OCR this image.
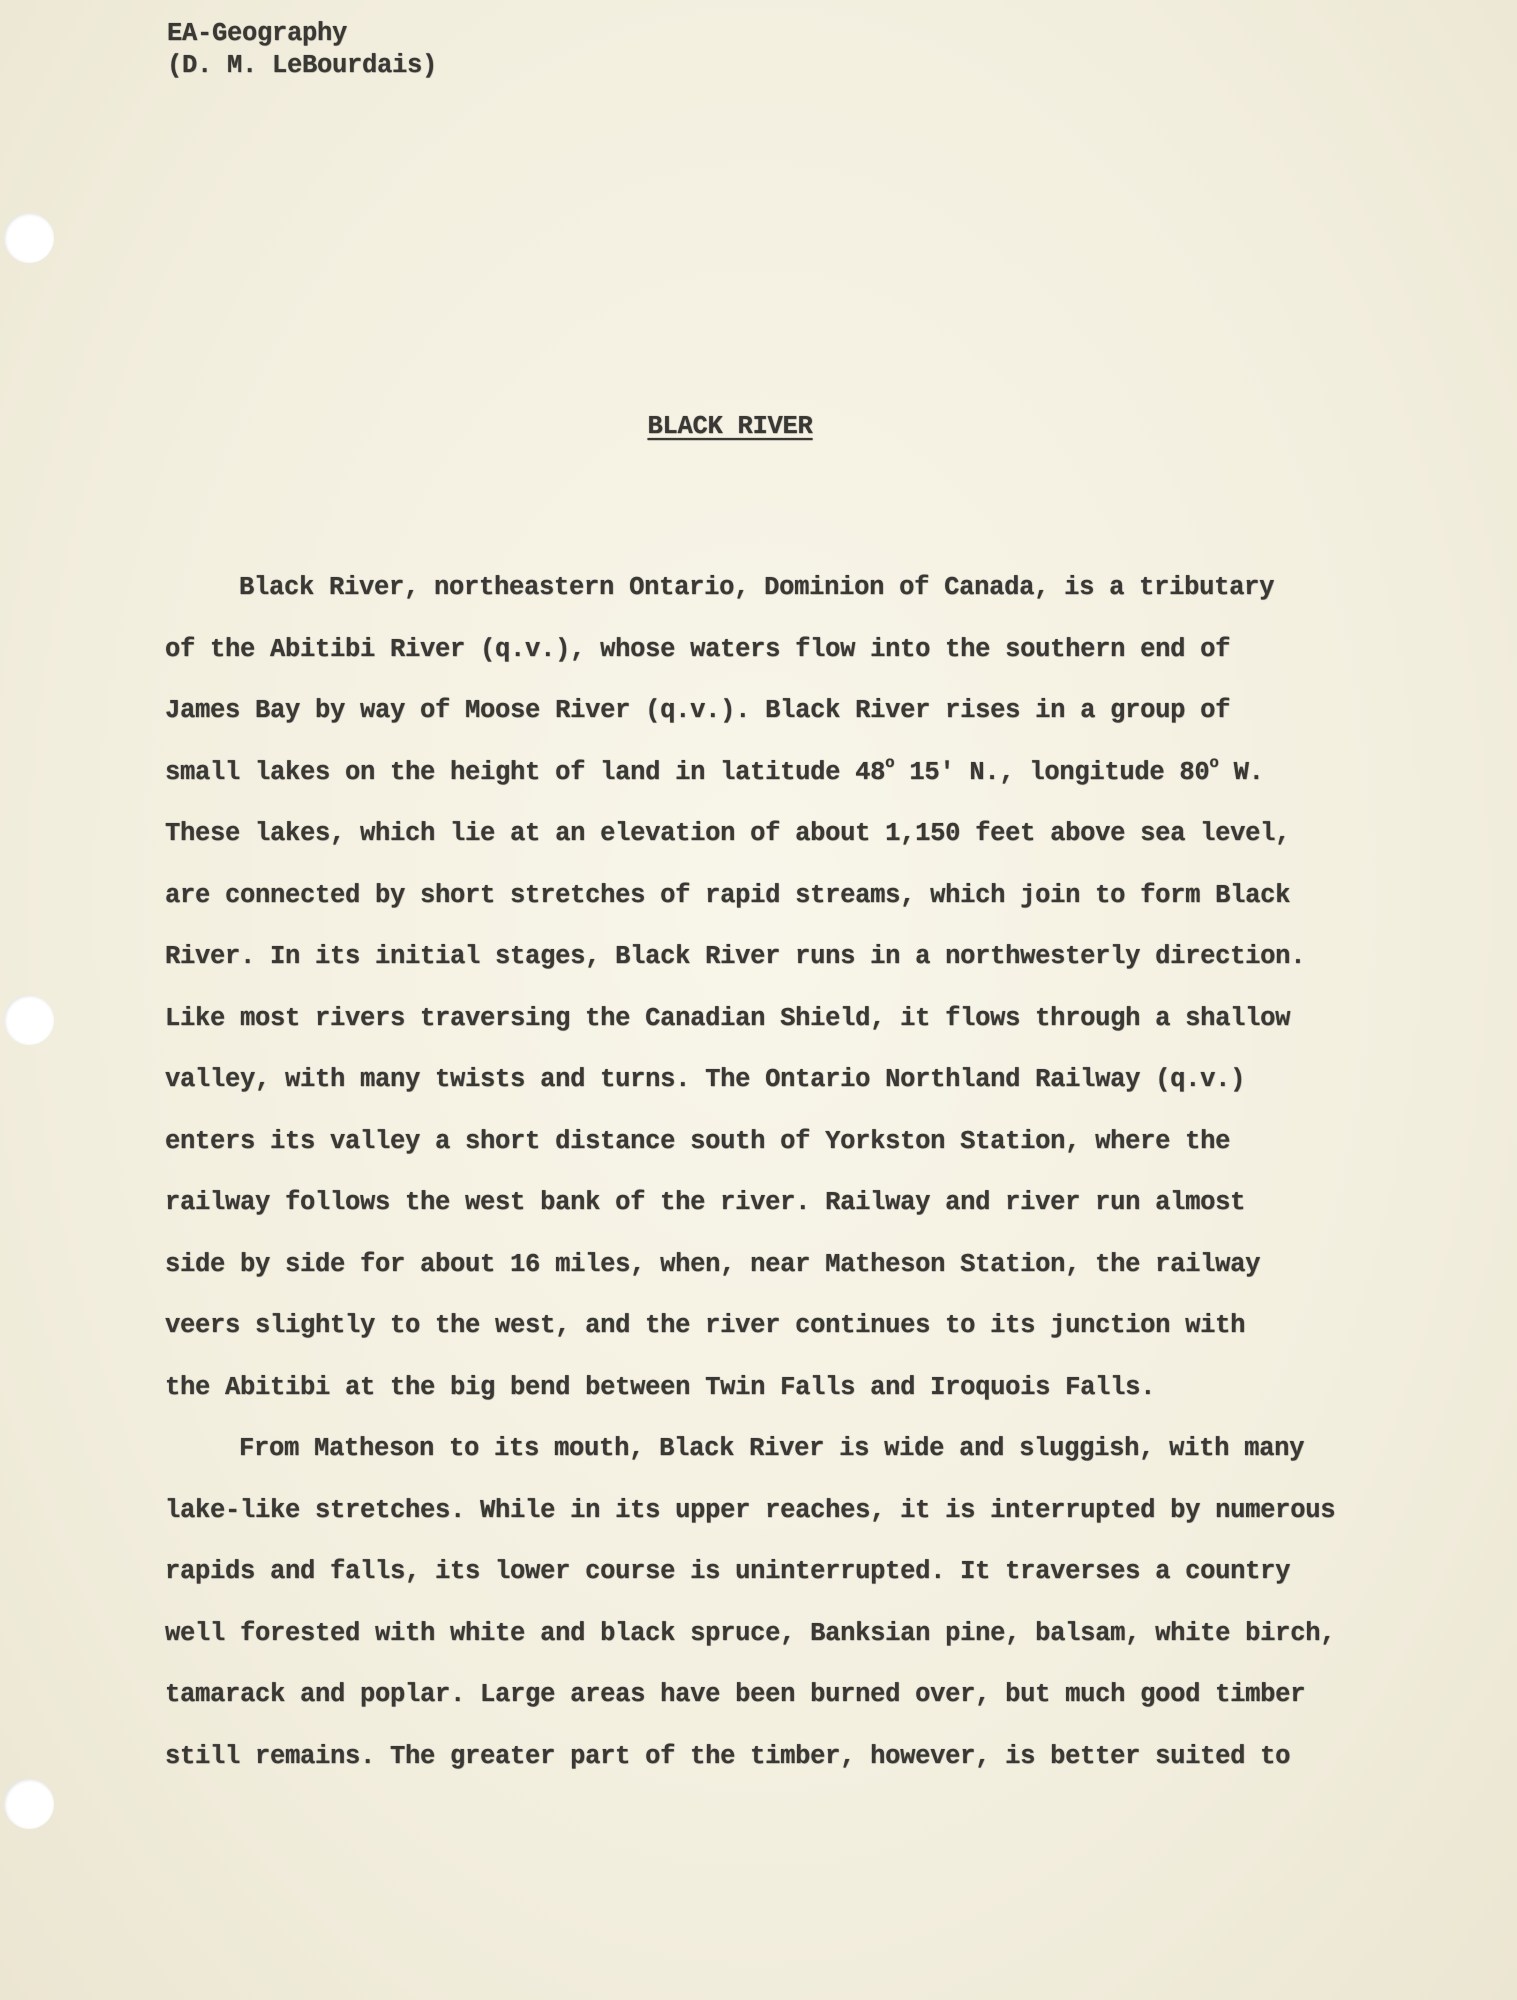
EA-Geography
(D. M. LeBourdais)
BLACK RIVER
Black River, northeastern Ontario, Dominion of Canada, is a tributary
of the Abitibi River (q.v.), whose waters flow into the southern end of
James Bay by way of Moose River (q.v.). Black River rises in a group of
small lakes on the height of land in latitude 48$^o$ 15' N., longitude 80$^o$ W.
These lakes, which lie at an elevation of about 1,150 feet above sea level,
are connected by short stretches of rapid streams, which join to form Black
River. In its initial stages, Black River runs in a northwesterly direction.
Like most rivers traversing the Canadian Shield, it flows through a shallow
valley, with many twists and turns. The Ontario Northland Railway (q.v.)
enters its valley a short distance south of Yorkston Station, where the
railway follows the west bank of the river. Railway and river run almost
side by side for about 16 miles, when, near Matheson Station, the railway
veers slightly to the west, and the river continues to its junction with
the Abitibi at the big bend between Twin Falls and Iroquois Falls.
From Matheson to its mouth, Black River is wide and sluggish, with many
lake-like stretches. While in its upper reaches, it is interrupted by numerous
rapids and falls, its lower course is uninterrupted. It traverses a country
well forested with white and black spruce, Banksian pine, balsam, white birch,
tamarack and poplar. Large areas have been burned over, but much good timber
still remains. The greater part of the timber, however, is better suited to
